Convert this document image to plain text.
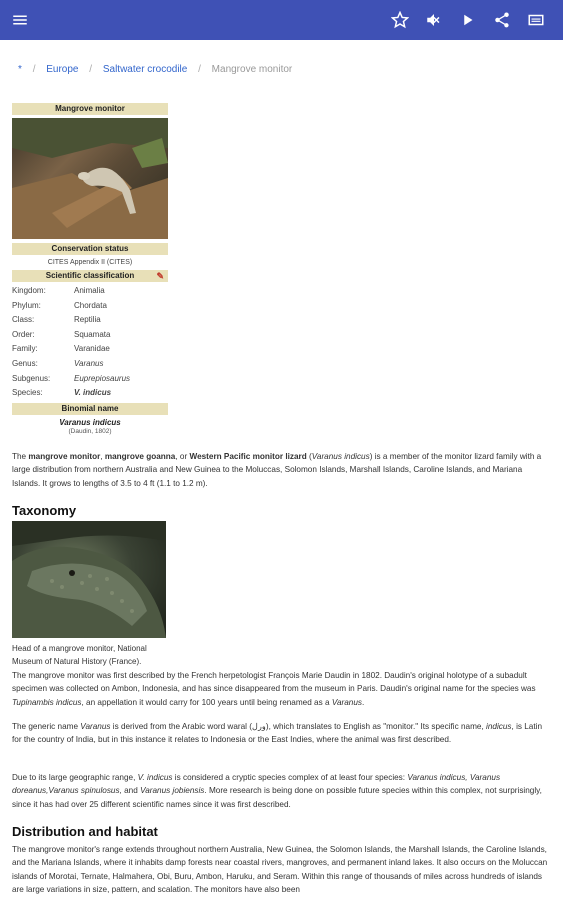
* / Europe / Saltwater crocodile / Mangrove monitor
Mangrove monitor
Conservation status
CITES Appendix II (CITES)
Scientific classification ✎
Kingdom:	Animalia
Phylum:	Chordata
Class:	Reptilia
Order:	Squamata
Family:	Varanidae
Genus:	Varanus
Subgenus:	Euprepiosaurus
Species:	V. indicus
Binomial name
Varanus indicus
(Daudin, 1802)
The mangrove monitor, mangrove goanna, or Western Pacific monitor lizard (Varanus indicus) is a member of the monitor lizard family with a large distribution from northern Australia and New Guinea to the Moluccas, Solomon Islands, Marshall Islands, Caroline Islands, and Mariana Islands. It grows to lengths of 3.5 to 4 ft (1.1 to 1.2 m).
Taxonomy
Head of a mangrove monitor, National Museum of Natural History (France).
The mangrove monitor was first described by the French herpetologist François Marie Daudin in 1802. Daudin's original holotype of a subadult specimen was collected on Ambon, Indonesia, and has since disappeared from the museum in Paris. Daudin's original name for the species was Tupinambis indicus, an appellation it would carry for 100 years until being renamed as a Varanus.
The generic name Varanus is derived from the Arabic word waral (ورل), which translates to English as "monitor." Its specific name, indicus, is Latin for the country of India, but in this instance it relates to Indonesia or the East Indies, where the animal was first described.
Due to its large geographic range, V. indicus is considered a cryptic species complex of at least four species: Varanus indicus, Varanus doreanus,Varanus spinulosus, and Varanus jobiensis. More research is being done on possible future species within this complex, not surprisingly, since it has had over 25 different scientific names since it was first described.
Distribution and habitat
The mangrove monitor's range extends throughout northern Australia, New Guinea, the Solomon Islands, the Marshall Islands, the Caroline Islands, and the Mariana Islands, where it inhabits damp forests near coastal rivers, mangroves, and permanent inland lakes. It also occurs on the Moluccan islands of Morotai, Ternate, Halmahera, Obi, Buru, Ambon, Haruku, and Seram. Within this range of thousands of miles across hundreds of islands are large variations in size, pattern, and scalation. The monitors have also been
